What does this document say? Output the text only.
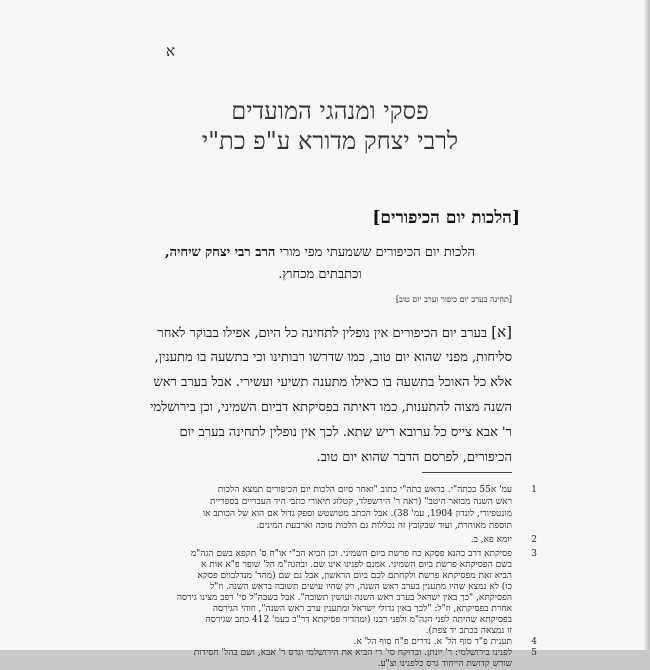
א
פסקי ומנהגי המועדים
לרבי יצחק מדורא ע"פ כת"י
[הלכות יום הכיפורים]
הלכות יום הכיפורים ששמעתי מפי מורי הרב רבי יצחק שיחיה,
וכתבתים מכחוץ.
[תחינה בערב יום כיפור וערב יום טוב]
[א] בערב יום הכיפורים אין נופלין לתחינה כל היום, אפילו בבוקר לאחר
סליחות, מפני שהוא יום טוב, כמו שדרשו רבותינו וכי בתשעה בו מתענין,
אלא כל האוכל בתשעה בו כאילו מתענה תשיעי ועשירי. אבל בערב ראש
השנה מצוה להתענות, כמו דאיתה בפסיקתא דביום השמיני, וכן בירושלמי
ר' אבא צייס כל ערובא ריש שתא. לכך אין נופלין לתחינה בערב יום
הכיפורים, לפרסם הדבר שהוא יום טוב.
1
עמ' א55 בכתה"י. בראש כתה"י כתוב "ואחר סיום הלכות יום הכיפורים תמצא הלכות
ראש השנה מבואר היטב" (ראה ר' הירשפלד, קטלוג תיאורי כתבי היד העבריים בספריית
מונטפיורי, לונדון 1904, עמ' 38). אבל הכתב מטושטש וספק גדול אם הוא של הכותב או
תוספת מאוחרת, ועוד שבקובץ זה נכללות גם הלכות סוכה וארבעת המינים.
2
יומא פא, ב.
3
פסיקתא דרב כהנא פסקא כח פרשת ביום השמיני. וכן הביא הב"י או"ח ס' תקפא בשם הגה"מ
בשם הפסיקתא פרשת ביום השמיני. אמנם לפנינו אינו שם. ובהגה"מ הל' שופר פ"א אות א
הביא זאת מפסיקתא פרשת ולקחתם לכם ביום הראשון, אבל גם שם (מהד' מנדלבוים פסקא
כו) לא נמצא שהיו מתענין בערב ראש השנה, רק שהיו עושים תשובה בראש השנה. וז"ל
הפסיקתא, "כך באין ישראל בערב ראש השנה ועושין תשובה". אבל בשבה"ל סי' רפב מצינו גירסה
אחרת בפסיקתא, וז"ל: "לכך באין גדולי ישראל ומתענין ערב ראש השנה", וזוהי הגירסה
בפסיקתא שהיתה לפני הגה"מ ולפני רבנו (ומהדיר פסיקתא דר"כ בעמ' 412 כתב שגירסה
זו נמצאה בכתב יד צפת).
4
תענית פ"ד סוף הל' א. נדרים פ"ח סוף הל' א.
5
לפנינו בירושלמי: ר' יונתן. וברוקח סי' רי הביא את הירושלמי וגרס ר' אבא, ושם בהל' חסידות
שורש קדושת הייחוד גרס כלפנינו וצ"ע.
